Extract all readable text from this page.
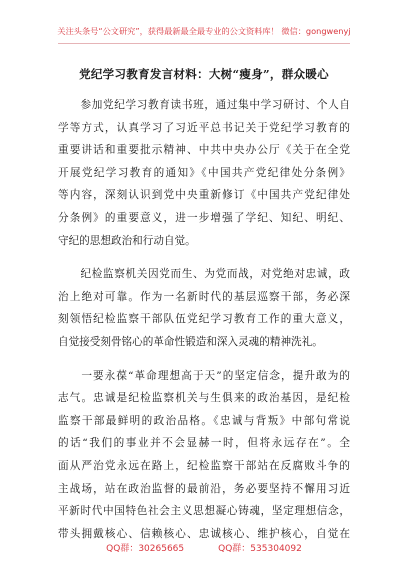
关注头条号“公文研究”，获得最新最全最专业的公文资料库！ 微信：gongwenyj
党纪学习教育发言材料：大树“瘦身”，群众暖心
　　参加党纪学习教育读书班，通过集中学习研讨、个人自
学等方式，认真学习了习近平总书记关于党纪学习教育的
重要讲话和重要批示精神、中共中央办公厅《关于在全党
开展党纪学习教育的通知》《中国共产党纪律处分条例》
等内容，深刻认识到党中央重新修订《中国共产党纪律处
分条例》的重要意义，进一步增强了学纪、知纪、明纪、
守纪的思想政治和行动自觉。
　　纪检监察机关因党而生、为党而战，对党绝对忠诚，政
治上绝对可靠。作为一名新时代的基层巡察干部，务必深
刻领悟纪检监察干部队伍党纪学习教育工作的重大意义，
自觉接受刻骨铭心的革命性锻造和深入灵魂的精神洗礼。
　　一要永葆“革命理想高于天”的坚定信念，提升敢为的
志气。忠诚是纪检监察机关与生俱来的政治基因，是纪检
监察干部最鲜明的政治品格。《忠诚与背叛》中部句常说
的话“我们的事业并不会显赫一时，但将永远存在”。全
面从严治党永远在路上，纪检监察干部站在反腐败斗争的
主战场，站在政治监督的最前沿，务必要坚持不懈用习近
平新时代中国特色社会主义思想凝心铸魂，坚定理想信念，
带头拥戴核心、信赖核心、忠诚核心、维护核心，自觉在
QQ群：30265665	QQ群：535304092
